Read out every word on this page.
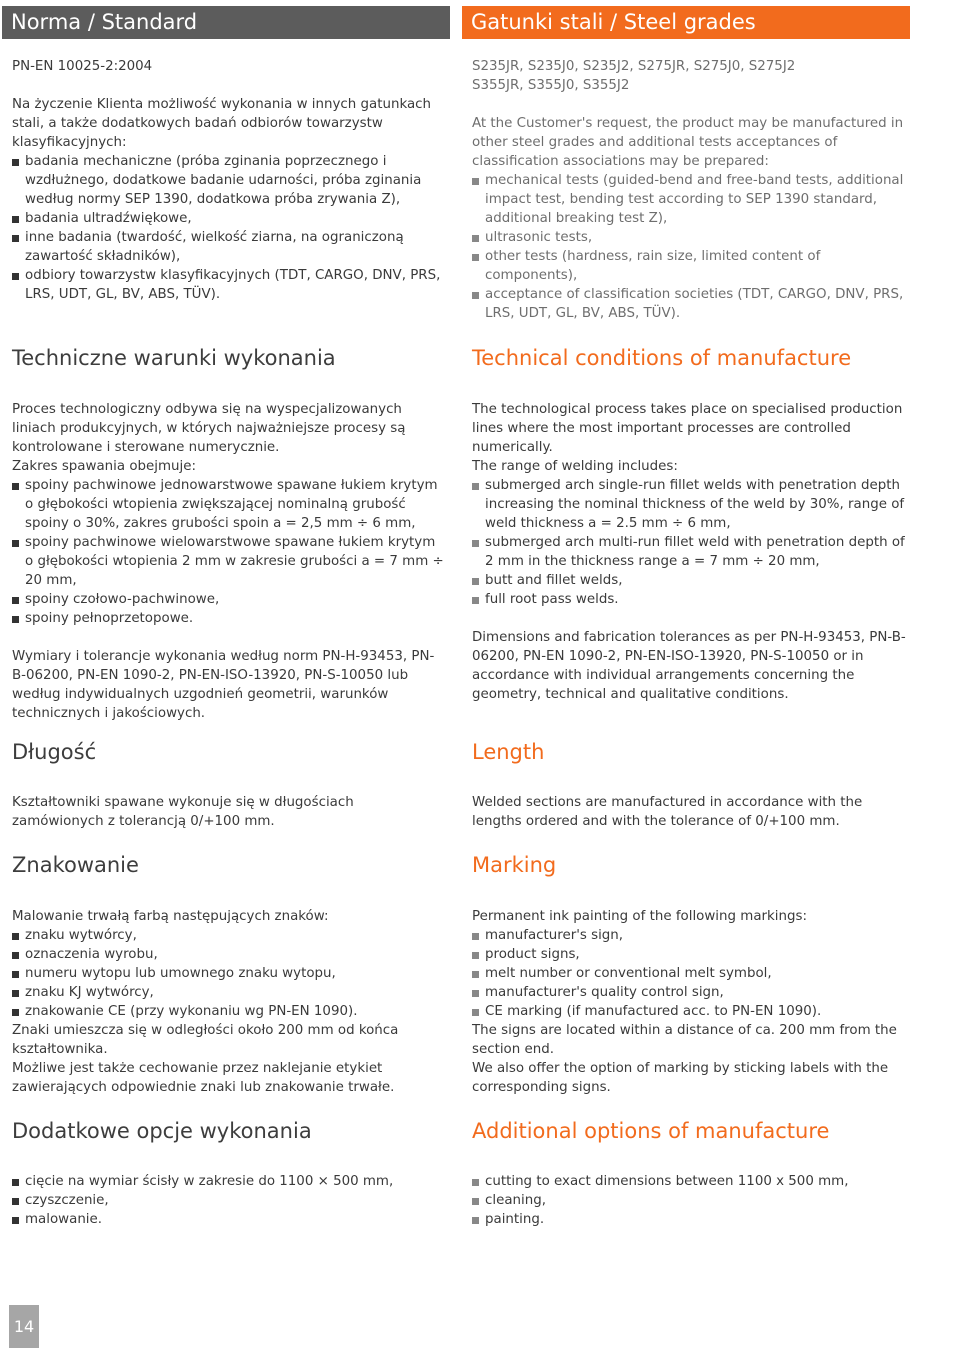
Norma / Standard

PN-EN 10025-2:2004

Na życzenie Klienta możliwość wykonania w innych gatunkach stali, a także dodatkowych badań odbiorów towarzystw klasyfikacyjnych:

badania mechaniczne (próba zginania poprzecznego i wzdłużnego, dodatkowe badanie udarności, próba zginania według normy SEP 1390, dodatkowa próba zrywania Z),
badania ultradźwiękowe,
inne badania (twardość, wielkość ziarna, na ograniczoną zawartość składników),
odbiory towarzystw klasyfikacyjnych (TDT, CARGO, DNV, PRS, LRS, UDT, GL, BV, ABS, TÜV).
Techniczne warunki wykonania

Proces technologiczny odbywa się na wyspecjalizowanych liniach produkcyjnych, w których najważniejsze procesy są kontrolowane i sterowane numerycznie.

Zakres spawania obejmuje:

spoiny pachwinowe jednowarstwowe spawane łukiem krytym o głębokości wtopienia zwiększającej nominalną grubość spoiny o 30%, zakres grubości spoin a = 2,5 mm ÷ 6 mm,
spoiny pachwinowe wielowarstwowe spawane łukiem krytym o głębokości wtopienia 2 mm w zakresie grubości a = 7 mm ÷ 20 mm,
spoiny czołowo-pachwinowe,
spoiny pełnoprzetopowe.

Wymiary i tolerancje wykonania według norm PN-H-93453, PN-B-06200, PN-EN 1090-2, PN-EN-ISO-13920, PN-S-10050 lub według indywidualnych uzgodnień geometrii, warunków technicznych i jakościowych.

Długość
Kształtowniki spawane wykonuje się w długościach zamówionych z tolerancją 0/+100 mm.
Znakowanie

Malowanie trwałą farbą następujących znaków:

znaku wytwórcy,
oznaczenia wyrobu,
numeru wytopu lub umownego znaku wytopu,
znaku KJ wytwórcy,
znakowanie CE (przy wykonaniu wg PN-EN 1090).

Znaki umieszcza się w odległości około 200 mm od końca kształtownika.

Możliwe jest także cechowanie przez naklejanie etykiet zawierających odpowiednie znaki lub znakowanie trwałe.

Dodatkowe opcje wykonania
cięcie na wymiar ścisły w zakresie do 1100 × 500 mm,
czyszczenie,
malowanie.
Gatunki stali / Steel grades

S235JR, S235J0, S235J2, S275JR, S275J0, S275J2

S355JR, S355J0, S355J2

At the Customer's request, the product may be manufactured in other steel grades and additional tests acceptances of classification associations may be prepared:

mechanical tests (guided-bend and free-band tests, additional impact test, bending test according to SEP 1390 standard, additional breaking test Z),
ultrasonic tests,
other tests (hardness, rain size, limited content of components),
acceptance of classification societies (TDT, CARGO, DNV, PRS, LRS, UDT, GL, BV, ABS, TÜV).
Technical conditions of manufacture

The technological process takes place on specialised production lines where the most important processes are controlled numerically.

The range of welding includes:

submerged arch single-run fillet welds with penetration depth increasing the nominal thickness of the weld by 30%, range of weld thickness a = 2.5 mm ÷ 6 mm,
submerged arch multi-run fillet weld with penetration depth of 2 mm in the thickness range a = 7 mm ÷ 20 mm,
butt and fillet welds,
full root pass welds.

Dimensions and fabrication tolerances as per PN-H-93453, PN-B-06200, PN-EN 1090-2, PN-EN-ISO-13920, PN-S-10050 or in accordance with individual arrangements concerning the geometry, technical and qualitative conditions.

Length
Welded sections are manufactured in accordance with the lengths ordered and with the tolerance of 0/+100 mm.
Marking

Permanent ink painting of the following markings:

manufacturer's sign,
product signs,
melt number or conventional melt symbol,
manufacturer's quality control sign,
CE marking (if manufactured acc. to PN-EN 1090).

The signs are located within a distance of ca. 200 mm from the section end.

We also offer the option of marking by sticking labels with the corresponding signs.

Additional options of manufacture
cutting to exact dimensions between 1100 x 500 mm,
cleaning,
painting.
14
